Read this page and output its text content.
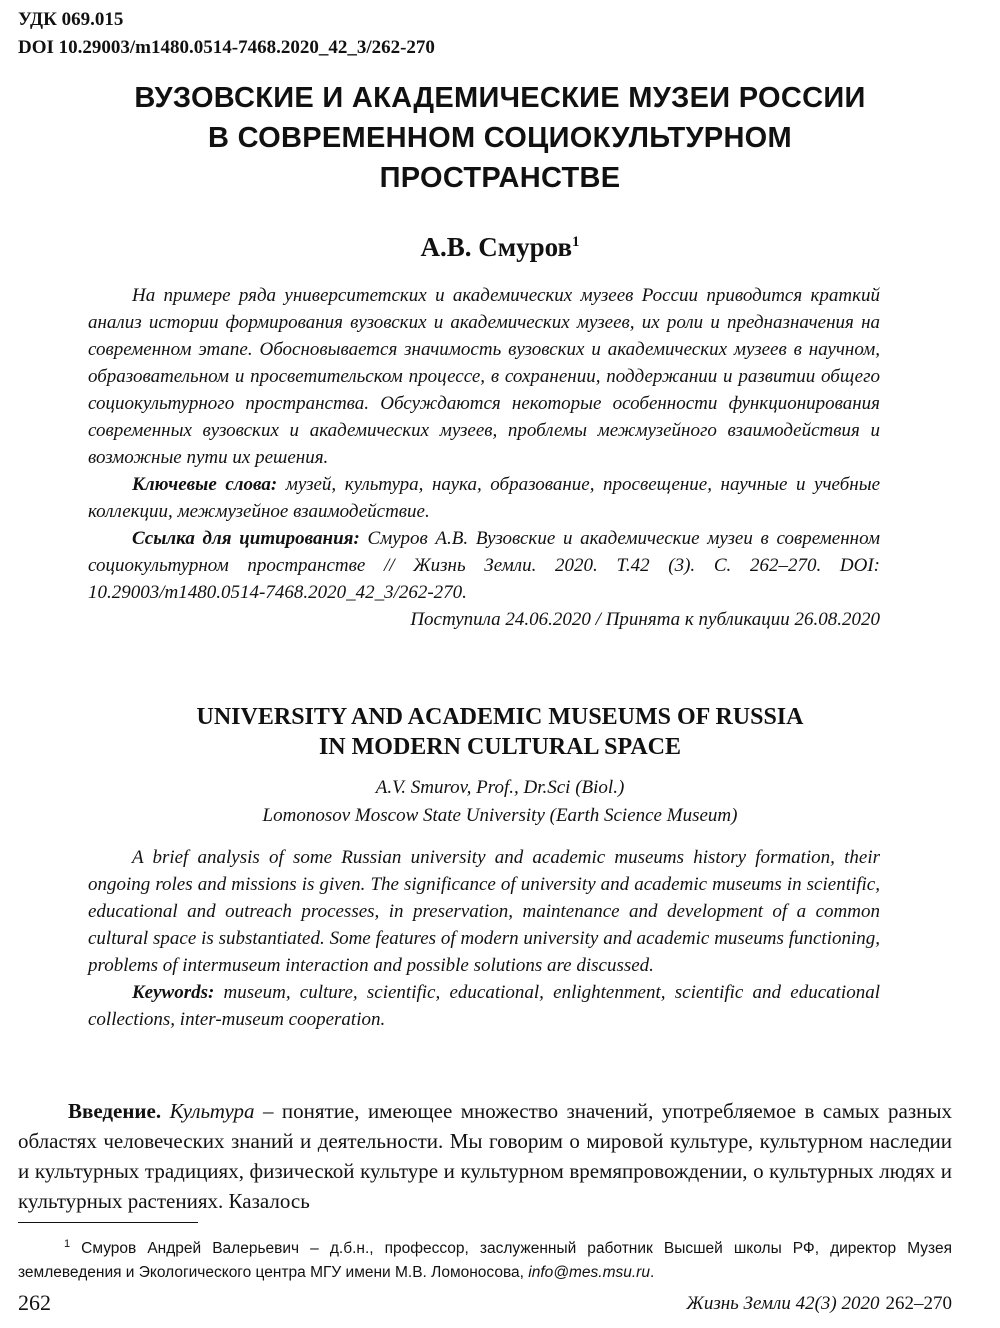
УДК 069.015
DOI 10.29003/m1480.0514-7468.2020_42_3/262-270
ВУЗОВСКИЕ И АКАДЕМИЧЕСКИЕ МУЗЕИ РОССИИ
В СОВРЕМЕННОМ СОЦИОКУЛЬТУРНОМ
ПРОСТРАНСТВЕ
А.В. Смуров$^1$

На примере ряда университетских и академических музеев России приводится краткий анализ истории формирования вузовских и академических музеев, их роли и предназначения на современном этапе. Обосновывается значимость вузовских и академических музеев в научном, образовательном и просветительском процессе, в сохранении, поддержании и развитии общего социокультурного пространства. Обсуждаются некоторые особенности функционирования современных вузовских и академических музеев, проблемы межмузейного взаимодействия и возможные пути их решения.

Ключевые слова: музей, культура, наука, образование, просвещение, научные и учебные коллекции, межмузейное взаимодействие.

Ссылка для цитирования: Смуров А.В. Вузовские и академические музеи в современном социокультурном пространстве // Жизнь Земли. 2020. Т.42 (3). С. 262–270. DOI: 10.29003/m1480.0514-7468.2020_42_3/262-270.

Поступила 24.06.2020 / Принята к публикации 26.08.2020

UNIVERSITY AND ACADEMIC MUSEUMS OF RUSSIA
IN MODERN CULTURAL SPACE
A.V. Smurov, Prof., Dr.Sci (Biol.)
Lomonosov Moscow State University (Earth Science Museum)

A brief analysis of some Russian university and academic museums history formation, their ongoing roles and missions is given. The significance of university and academic museums in scientific, educational and outreach processes, in preservation, maintenance and development of a common cultural space is substantiated. Some features of modern university and academic museums functioning, problems of intermuseum interaction and possible solutions are discussed.

Keywords: museum, culture, scientific, educational, enlightenment, scientific and educational collections, inter-museum cooperation.

Введение. Культура – понятие, имеющее множество значений, употребляемое в самых разных областях человеческих знаний и деятельности. Мы говорим о мировой культуре, культурном наследии и культурных традициях, физической культуре и культурном времяпровождении, о культурных людях и культурных растениях. Казалось

$^1$ Смуров Андрей Валерьевич – д.б.н., профессор, заслуженный работник Высшей школы РФ, директор Музея землеведения и Экологического центра МГУ имени М.В. Ломоносова, info@mes.msu.ru.

262	Жизнь Земли 42(3) 2020 262–270
